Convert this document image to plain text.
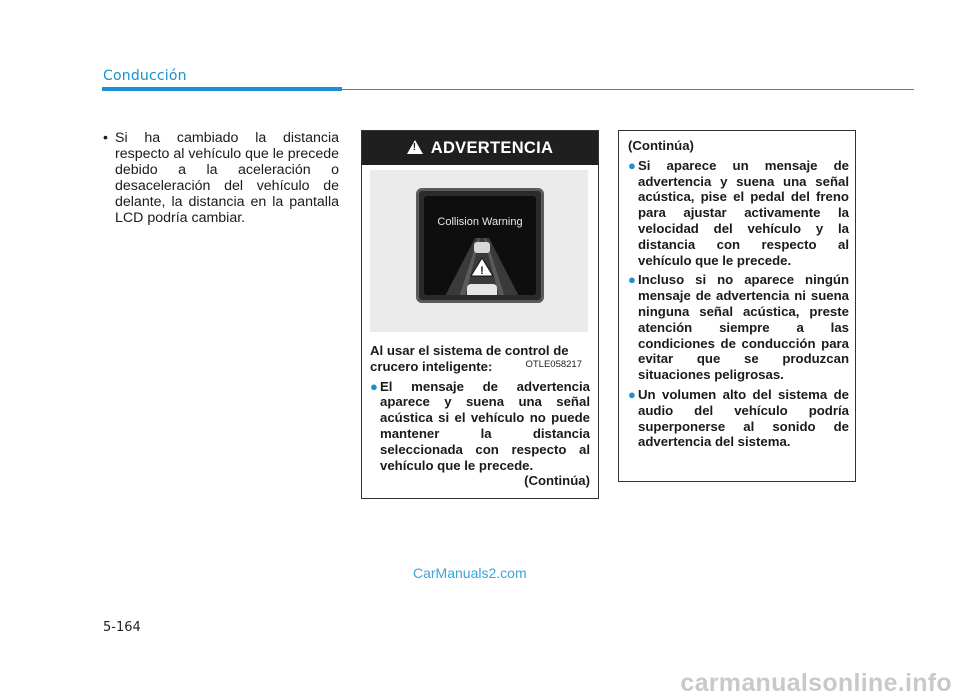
Conducción
• Si ha cambiado la distancia respecto al vehículo que le precede debido a la aceleración o desaceleración del vehículo de delante, la distancia en la pantalla LCD podría cambiar.
!
ADVERTENCIA
Collision Warning
!
OTLE058217
Al usar el sistema de control de crucero inteligente:
● El mensaje de advertencia aparece y suena una señal acústica si el vehículo no puede mantener la distancia seleccionada con respecto al vehículo que le precede.
(Continúa)
(Continúa)
● Si aparece un mensaje de advertencia y suena una señal acústica, pise el pedal del freno para ajustar activamente la velocidad del vehículo y la distancia con respecto al vehículo que le precede.
● Incluso si no aparece ningún mensaje de advertencia ni suena ninguna señal acústica, preste atención siempre a las condiciones de conducción para evitar que se produzcan situaciones peligrosas.
● Un volumen alto del sistema de audio del vehículo podría superponerse al sonido de advertencia del sistema.
CarManuals2.com
5-164
carmanualsonline.info
